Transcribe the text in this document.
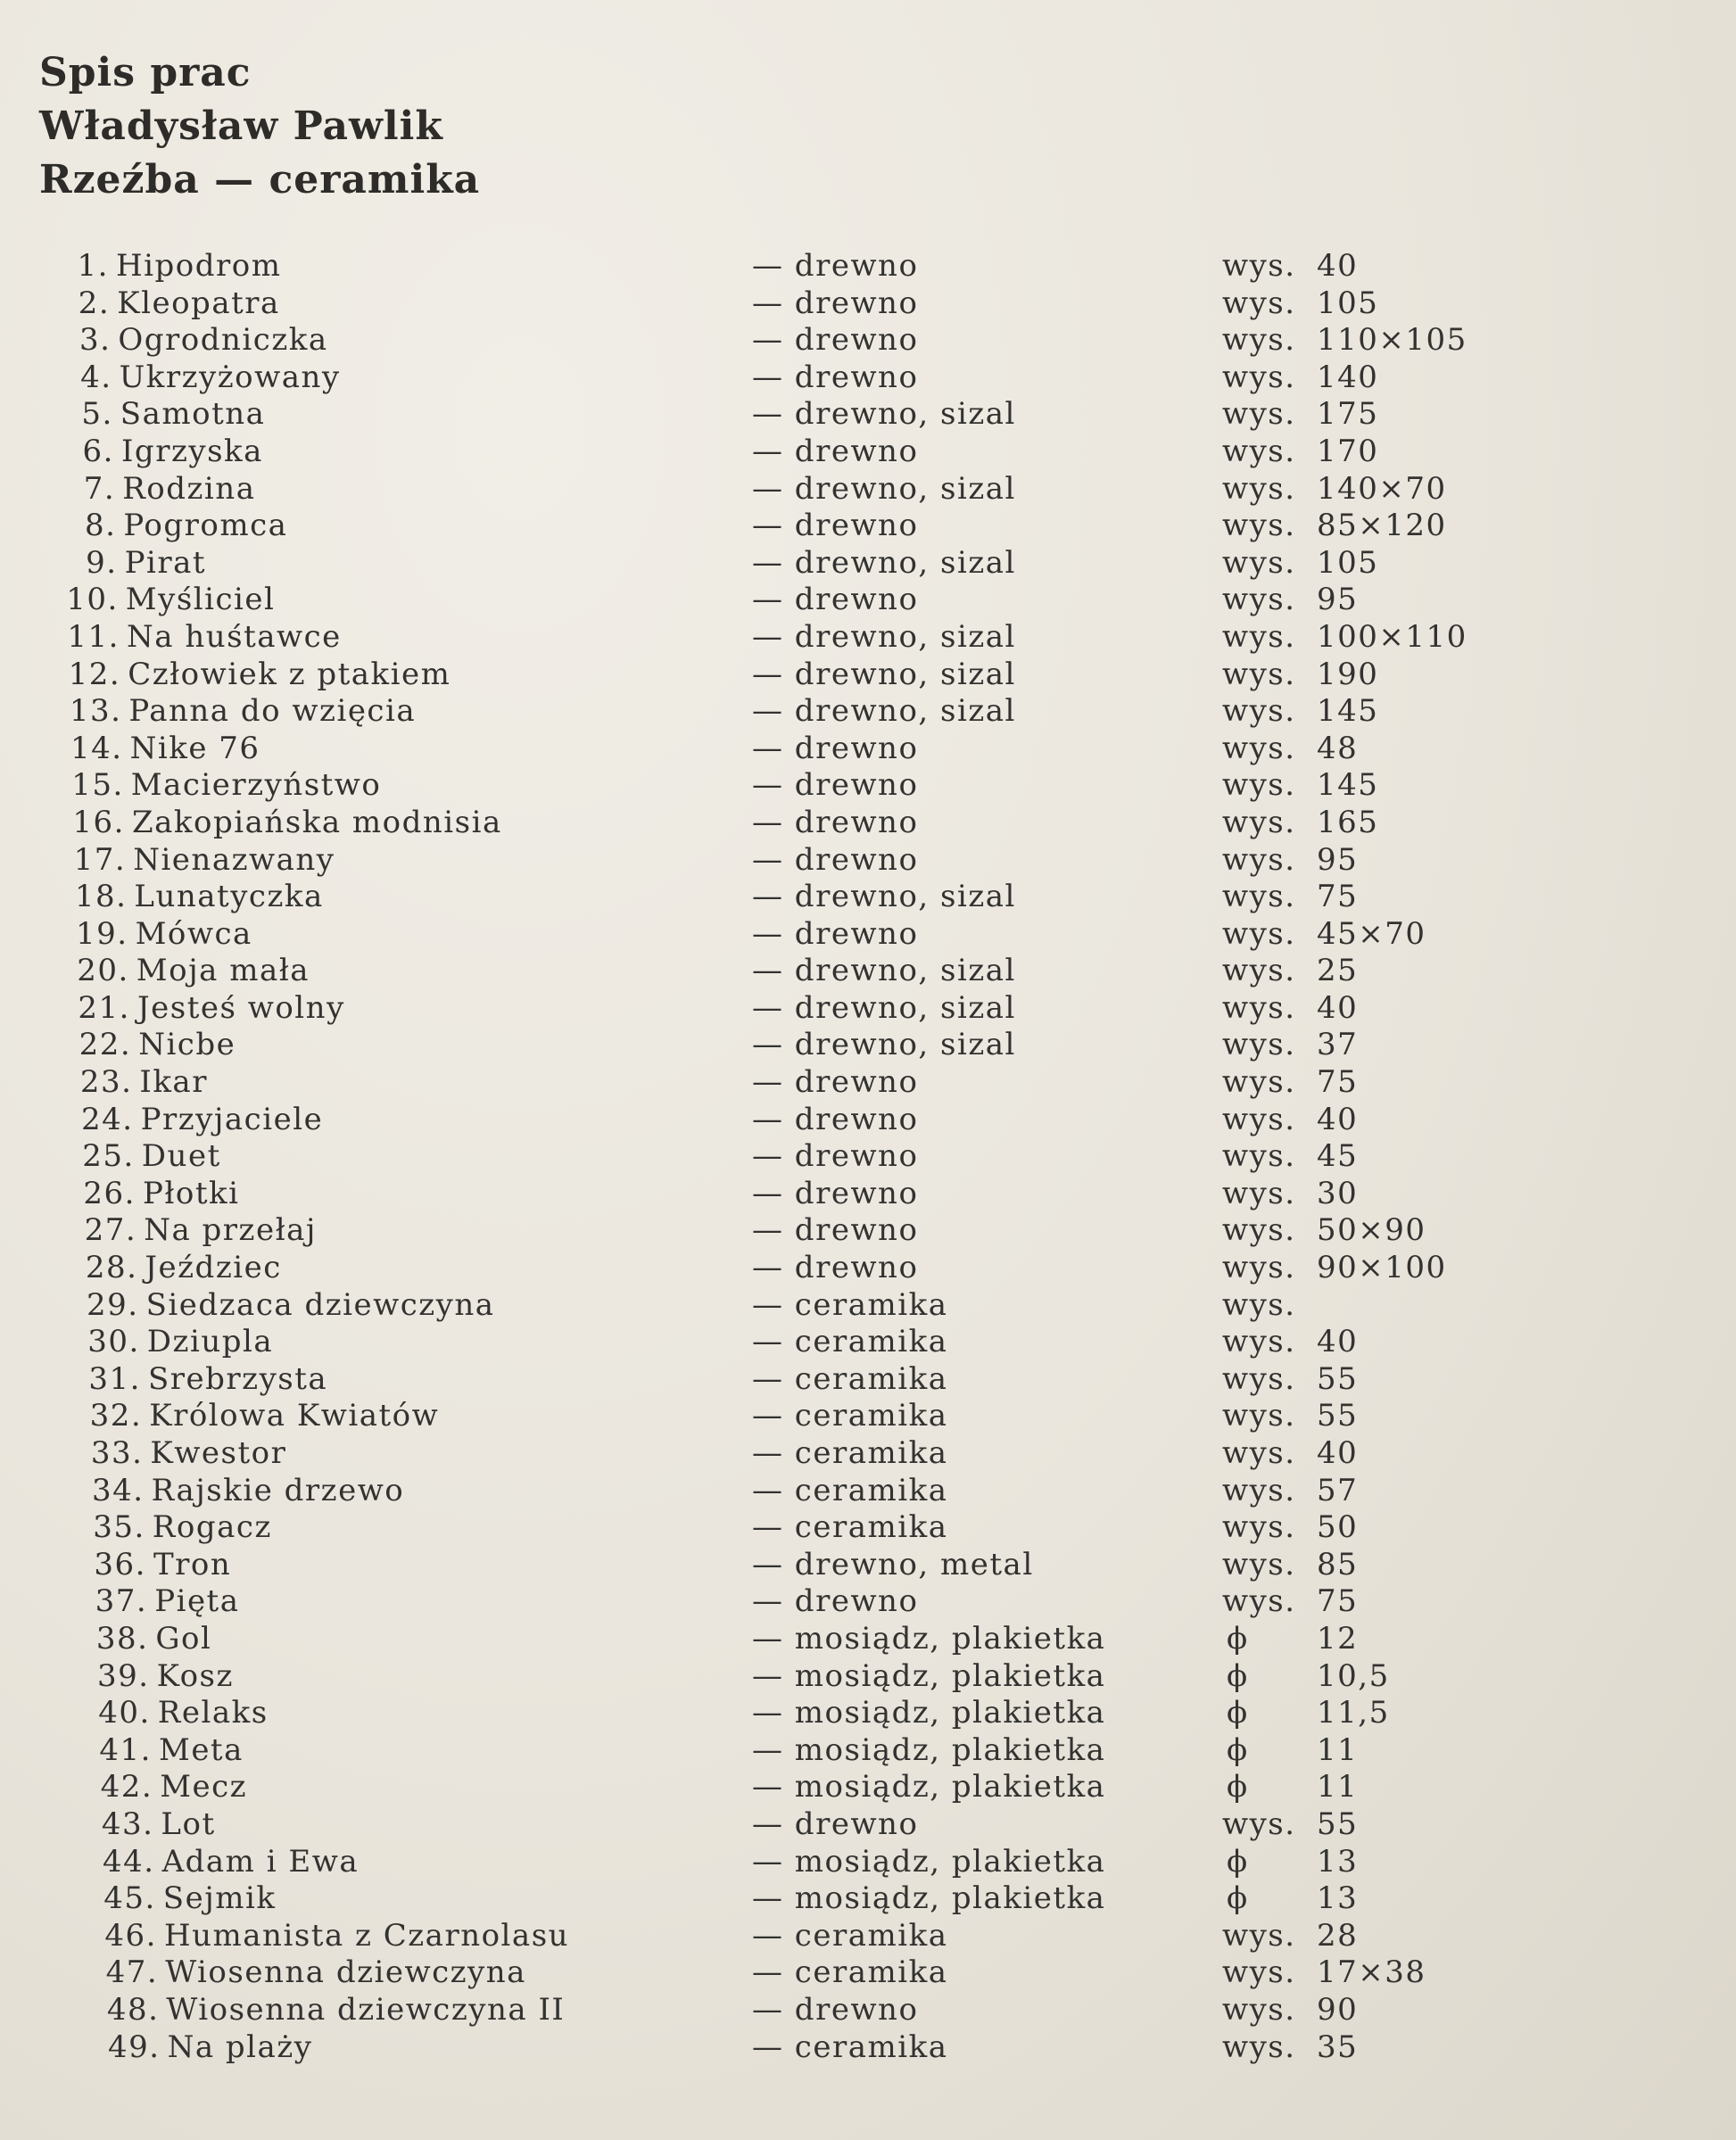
Spis prac
Władysław Pawlik
Rzeźba — ceramika
1. Hipodrom	— drewno	wys. 40
2. Kleopatra	— drewno	wys. 105
3. Ogrodniczka	— drewno	wys. 110×105
4. Ukrzyżowany	— drewno	wys. 140
5. Samotna	— drewno, sizal	wys. 175
6. Igrzyska	— drewno	wys. 170
7. Rodzina	— drewno, sizal	wys. 140×70
8. Pogromca	— drewno	wys. 85×120
9. Pirat	— drewno, sizal	wys. 105
10. Myśliciel	— drewno	wys. 95
11. Na huśtawce	— drewno, sizal	wys. 100×110
12. Człowiek z ptakiem	— drewno, sizal	wys. 190
13. Panna do wzięcia	— drewno, sizal	wys. 145
14. Nike 76	— drewno	wys. 48
15. Macierzyństwo	— drewno	wys. 145
16. Zakopiańska modnisia	— drewno	wys. 165
17. Nienazwany	— drewno	wys. 95
18. Lunatyczka	— drewno, sizal	wys. 75
19. Mówca	— drewno	wys. 45×70
20. Moja mała	— drewno, sizal	wys. 25
21. Jesteś wolny	— drewno, sizal	wys. 40
22. Nicbe	— drewno, sizal	wys. 37
23. Ikar	— drewno	wys. 75
24. Przyjaciele	— drewno	wys. 40
25. Duet	— drewno	wys. 45
26. Płotki	— drewno	wys. 30
27. Na przełaj	— drewno	wys. 50×90
28. Jeździec	— drewno	wys. 90×100
29. Siedzaca dziewczyna	— ceramika	wys.
30. Dziupla	— ceramika	wys. 40
31. Srebrzysta	— ceramika	wys. 55
32. Królowa Kwiatów	— ceramika	wys. 55
33. Kwestor	— ceramika	wys. 40
34. Rajskie drzewo	— ceramika	wys. 57
35. Rogacz	— ceramika	wys. 50
36. Tron	— drewno, metal	wys. 85
37. Pięta	— drewno	wys. 75
38. Gol	— mosiądz, plakietka	ϕ 12
39. Kosz	— mosiądz, plakietka	ϕ 10,5
40. Relaks	— mosiądz, plakietka	ϕ 11,5
41. Meta	— mosiądz, plakietka	ϕ 11
42. Mecz	— mosiądz, plakietka	ϕ 11
43. Lot	— drewno	wys. 55
44. Adam i Ewa	— mosiądz, plakietka	ϕ 13
45. Sejmik	— mosiądz, plakietka	ϕ 13
46. Humanista z Czarnolasu	— ceramika	wys. 28
47. Wiosenna dziewczyna	— ceramika	wys. 17×38
48. Wiosenna dziewczyna II	— drewno	wys. 90
49. Na plaży	— ceramika	wys. 35
